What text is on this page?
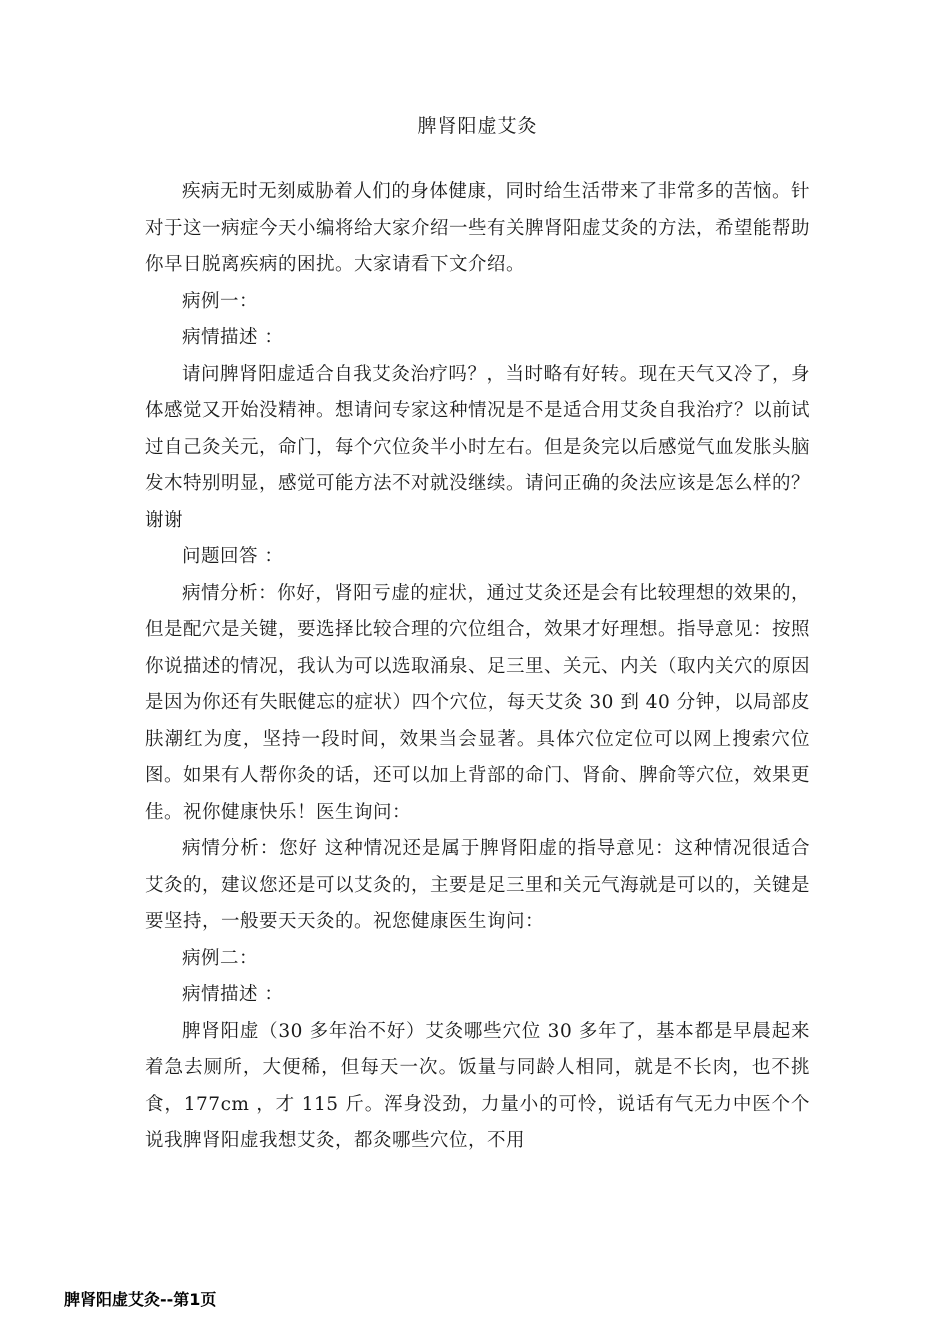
脾肾阳虚艾灸

疾病无时无刻威胁着人们的身体健康，同时给生活带来了非常多的苦恼。针对于这一病症今天小编将给大家介绍一些有关脾肾阳虚艾灸的方法，希望能帮助你早日脱离疾病的困扰。大家请看下文介绍。

病例一：

病情描述 ：

请问脾肾阳虚适合自我艾灸治疗吗？，当时略有好转。现在天气又冷了，身体感觉又开始没精神。想请问专家这种情况是不是适合用艾灸自我治疗？以前试过自己灸关元，命门，每个穴位灸半小时左右。但是灸完以后感觉气血发胀头脑发木特别明显，感觉可能方法不对就没继续。请问正确的灸法应该是怎么样的？谢谢

问题回答 ：

病情分析：你好，肾阳亏虚的症状，通过艾灸还是会有比较理想的效果的，但是配穴是关键，要选择比较合理的穴位组合，效果才好理想。指导意见：按照你说描述的情况，我认为可以选取涌泉、足三里、关元、内关（取内关穴的原因是因为你还有失眠健忘的症状）四个穴位，每天艾灸 30 到 40 分钟，以局部皮肤潮红为度，坚持一段时间，效果当会显著。具体穴位定位可以网上搜索穴位图。如果有人帮你灸的话，还可以加上背部的命门、肾俞、脾俞等穴位，效果更佳。祝你健康快乐！医生询问：

病情分析：您好 这种情况还是属于脾肾阳虚的指导意见：这种情况很适合艾灸的，建议您还是可以艾灸的，主要是足三里和关元气海就是可以的，关键是要坚持，一般要天天灸的。祝您健康医生询问：

病例二：

病情描述 ：

脾肾阳虚（30 多年治不好）艾灸哪些穴位 30 多年了，基本都是早晨起来着急去厕所，大便稀，但每天一次。饭量与同龄人相同，就是不长肉，也不挑食，177cm ，才 115 斤。浑身没劲，力量小的可怜，说话有气无力中医个个说我脾肾阳虚我想艾灸，都灸哪些穴位，不用

脾肾阳虚艾灸--第1页
